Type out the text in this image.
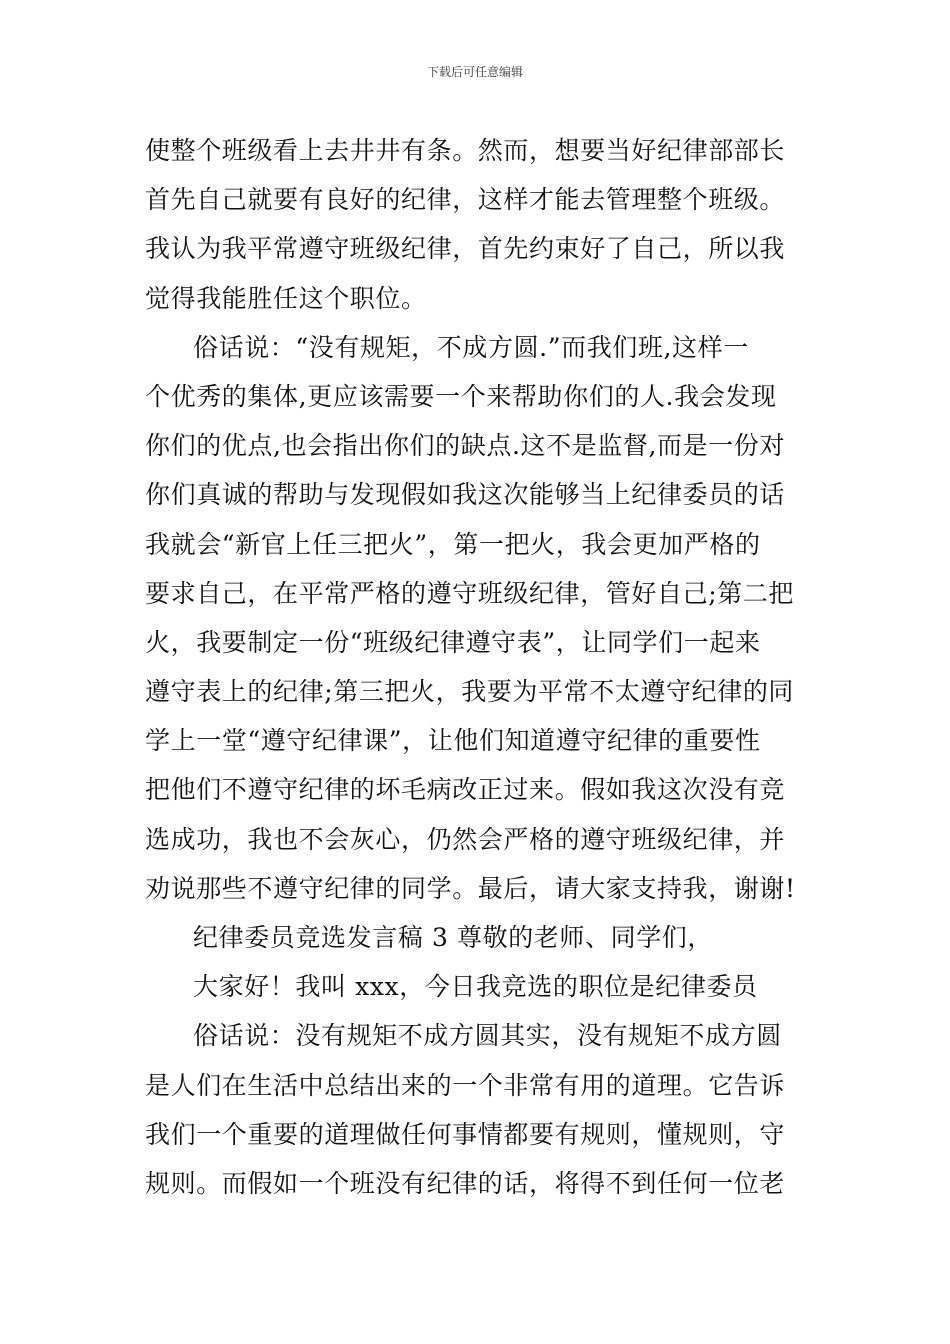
下载后可任意编辑
使整个班级看上去井井有条。然而，想要当好纪律部部长
首先自己就要有良好的纪律，这样才能去管理整个班级。
我认为我平常遵守班级纪律，首先约束好了自己，所以我
觉得我能胜任这个职位。
俗话说：“没有规矩，不成方圆.”而我们班,这样一
个优秀的集体,更应该需要一个来帮助你们的人.我会发现
你们的优点,也会指出你们的缺点.这不是监督,而是一份对
你们真诚的帮助与发现假如我这次能够当上纪律委员的话
我就会“新官上任三把火”，第一把火，我会更加严格的
要求自己，在平常严格的遵守班级纪律，管好自己;第二把
火，我要制定一份“班级纪律遵守表”，让同学们一起来
遵守表上的纪律;第三把火，我要为平常不太遵守纪律的同
学上一堂“遵守纪律课”，让他们知道遵守纪律的重要性
把他们不遵守纪律的坏毛病改正过来。假如我这次没有竞
选成功，我也不会灰心，仍然会严格的遵守班级纪律，并
劝说那些不遵守纪律的同学。最后，请大家支持我，谢谢!
纪律委员竞选发言稿 3 尊敬的老师、同学们，
大家好！我叫 xxx，今日我竞选的职位是纪律委员
俗话说：没有规矩不成方圆其实，没有规矩不成方圆
是人们在生活中总结出来的一个非常有用的道理。它告诉
我们一个重要的道理做任何事情都要有规则，懂规则，守
规则。而假如一个班没有纪律的话，将得不到任何一位老
